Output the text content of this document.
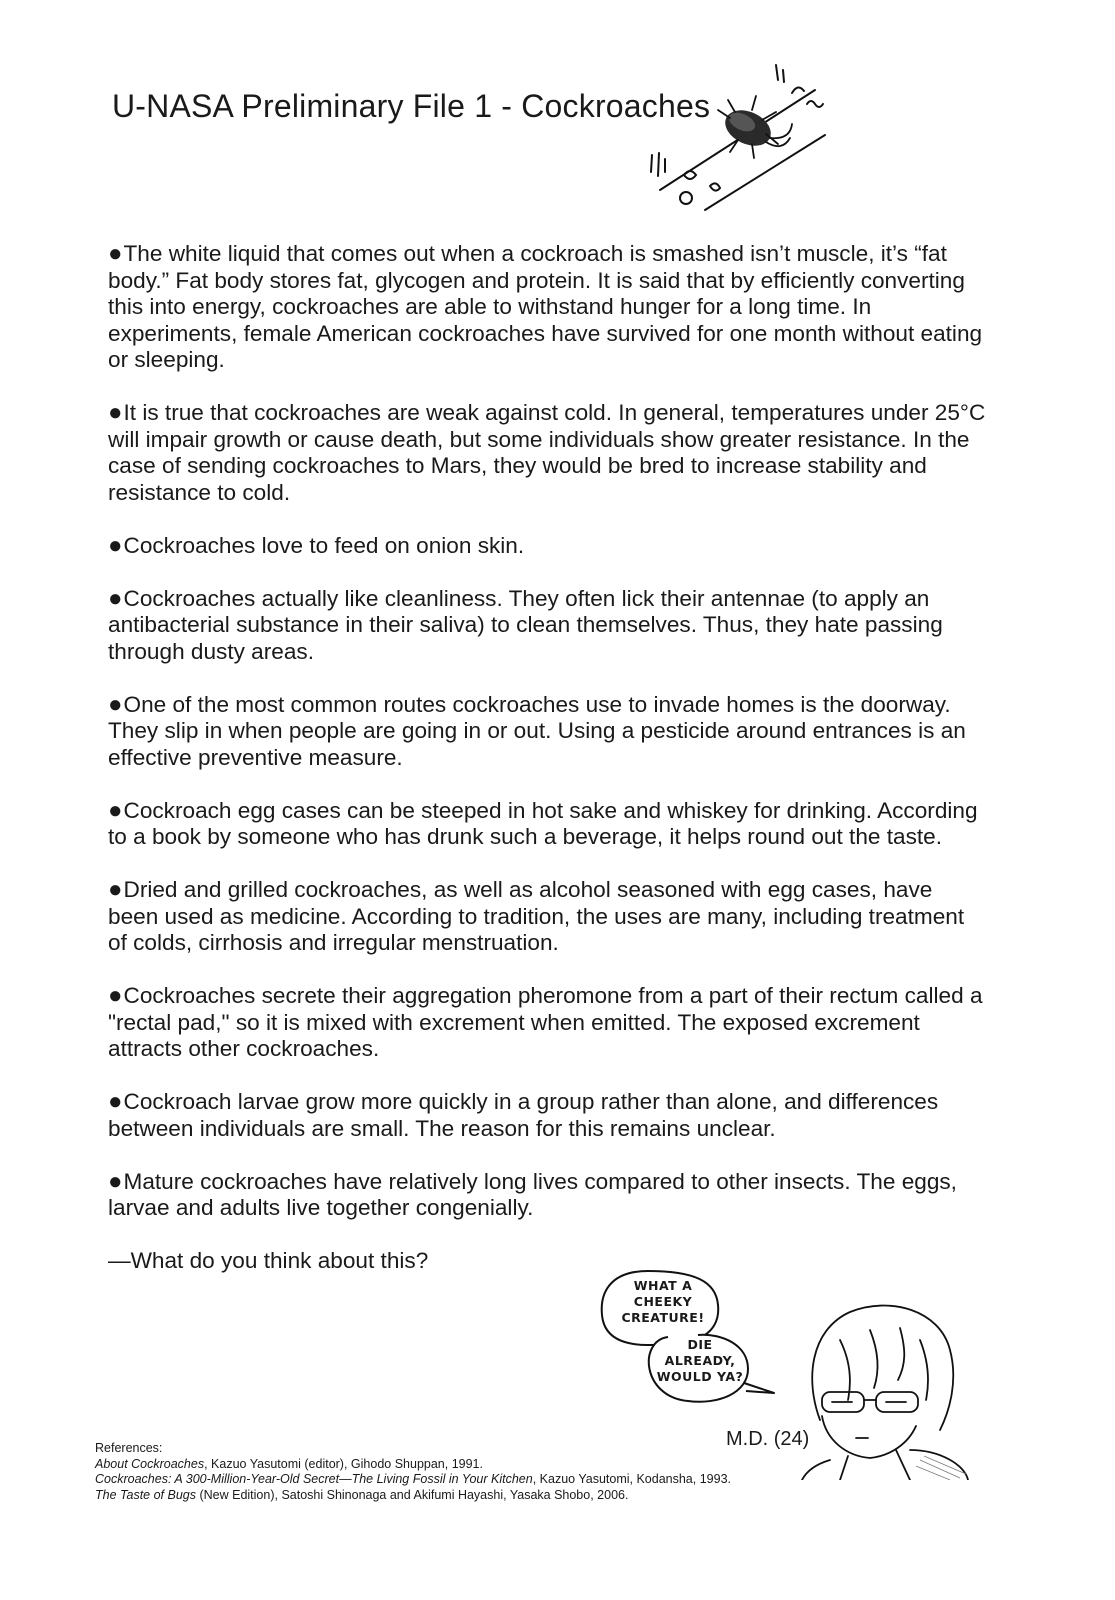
U-NASA Preliminary File 1 - Cockroaches

●The white liquid that comes out when a cockroach is smashed isn’t muscle, it’s “fat body.” Fat body stores fat, glycogen and protein. It is said that by efficiently converting this into energy, cockroaches are able to withstand hunger for a long time. In experiments, female American cockroaches have survived for one month without eating or sleeping.

●It is true that cockroaches are weak against cold. In general, temperatures under 25°C will impair growth or cause death, but some individuals show greater resistance. In the case of sending cockroaches to Mars, they would be bred to increase stability and resistance to cold.

●Cockroaches love to feed on onion skin.

●Cockroaches actually like cleanliness. They often lick their antennae (to apply an antibacterial substance in their saliva) to clean themselves. Thus, they hate passing through dusty areas.

●One of the most common routes cockroaches use to invade homes is the doorway. They slip in when people are going in or out. Using a pesticide around entrances is an effective preventive measure.

●Cockroach egg cases can be steeped in hot sake and whiskey for drinking. According to a book by someone who has drunk such a beverage, it helps round out the taste.

●Dried and grilled cockroaches, as well as alcohol seasoned with egg cases, have been used as medicine. According to tradition, the uses are many, including treatment of colds, cirrhosis and irregular menstruation.

●Cockroaches secrete their aggregation pheromone from a part of their rectum called a "rectal pad," so it is mixed with excrement when emitted. The exposed excrement attracts other cockroaches.

●Cockroach larvae grow more quickly in a group rather than alone, and differences between individuals are small. The reason for this remains unclear.

●Mature cockroaches have relatively long lives compared to other insects. The eggs, larvae and adults live together congenially.

—What do you think about this?

WHAT A CHEEKY CREATURE!
DIE ALREADY, WOULD YA?
M.D. (24)
References:
About Cockroaches, Kazuo Yasutomi (editor), Gihodo Shuppan, 1991.
Cockroaches: A 300-Million-Year-Old Secret—The Living Fossil in Your Kitchen, Kazuo Yasutomi, Kodansha, 1993.
The Taste of Bugs (New Edition), Satoshi Shinonaga and Akifumi Hayashi, Yasaka Shobo, 2006.
